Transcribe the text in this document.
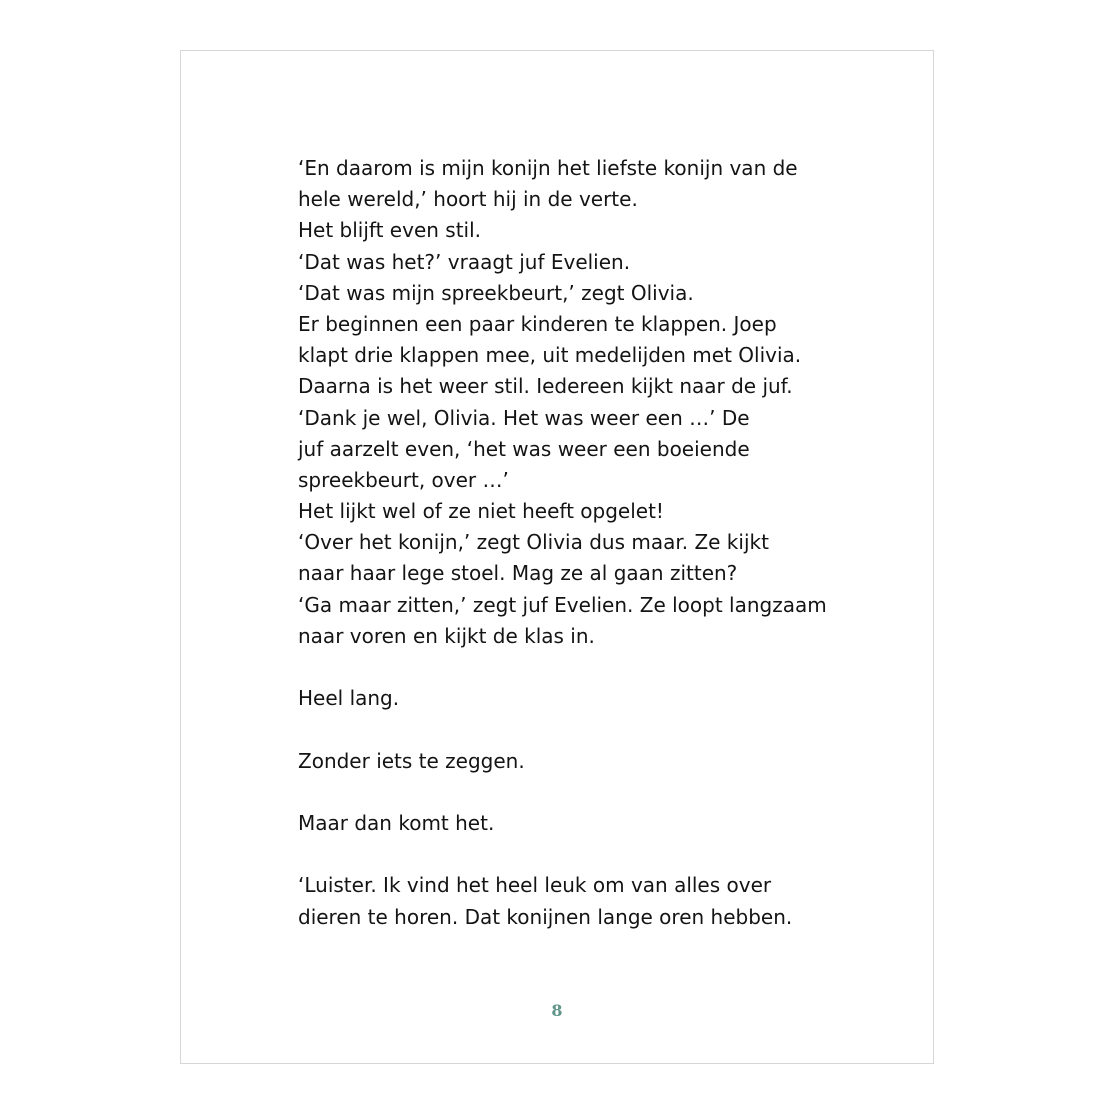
‘En daarom is mijn konijn het liefste konijn van de
hele wereld,’ hoort hij in de verte.
Het blijft even stil.
‘Dat was het?’ vraagt juf Evelien.
‘Dat was mijn spreekbeurt,’ zegt Olivia.
Er beginnen een paar kinderen te klappen. Joep
klapt drie klappen mee, uit medelijden met Olivia.
Daarna is het weer stil. Iedereen kijkt naar de juf.
‘Dank je wel, Olivia. Het was weer een …’ De
juf aarzelt even, ‘het was weer een boeiende
spreekbeurt, over …’
Het lijkt wel of ze niet heeft opgelet!
‘Over het konijn,’ zegt Olivia dus maar. Ze kijkt
naar haar lege stoel. Mag ze al gaan zitten?
‘Ga maar zitten,’ zegt juf Evelien. Ze loopt langzaam
naar voren en kijkt de klas in.
Heel lang.
Zonder iets te zeggen.
Maar dan komt het.
‘Luister. Ik vind het heel leuk om van alles over
dieren te horen. Dat konijnen lange oren hebben.
8
